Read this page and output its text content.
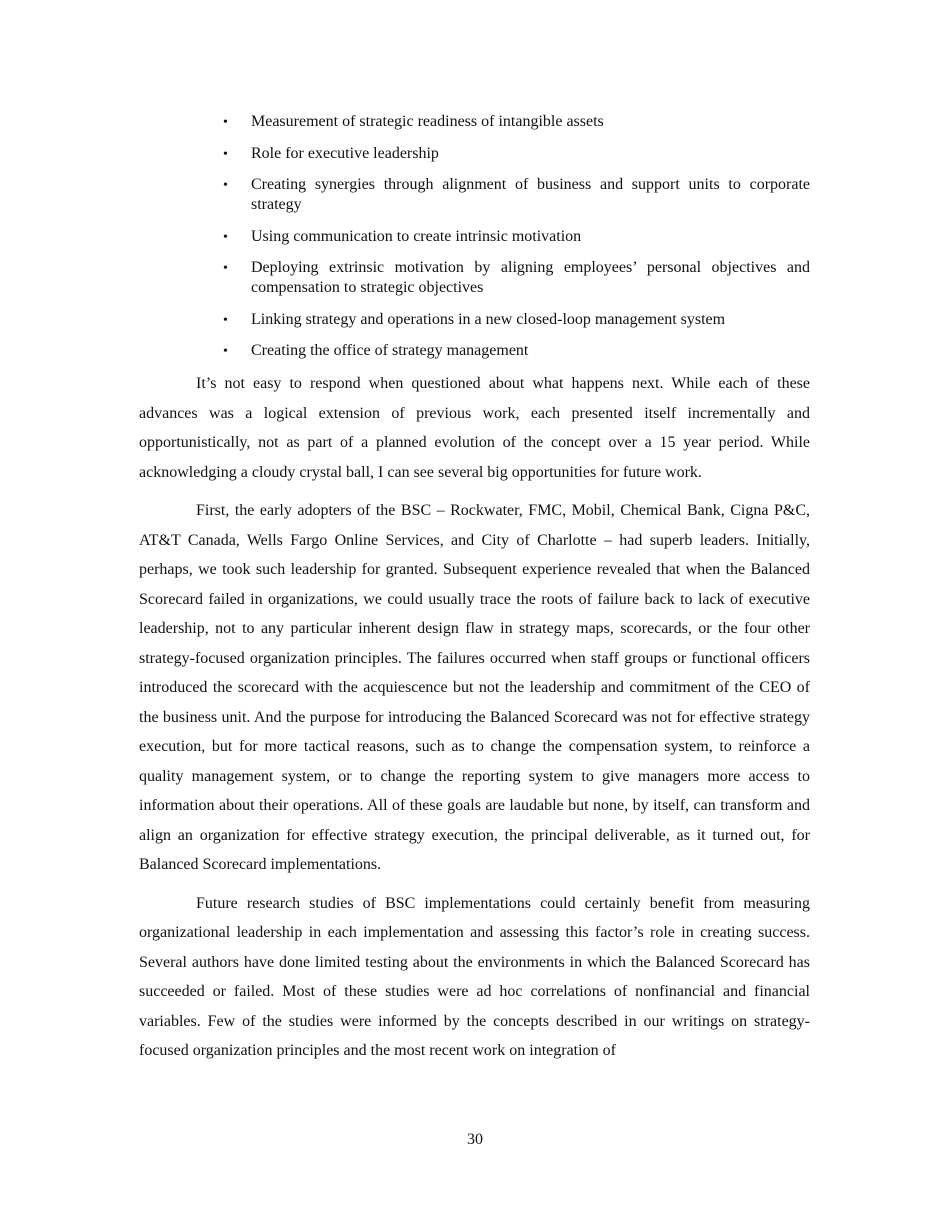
•	Measurement of strategic readiness of intangible assets
•	Role for executive leadership
•	Creating synergies through alignment of business and support units to corporate strategy
•	Using communication to create intrinsic motivation
•	Deploying extrinsic motivation by aligning employees’ personal objectives and compensation to strategic objectives
•	Linking strategy and operations in a new closed-loop management system
•	Creating the office of strategy management

It’s not easy to respond when questioned about what happens next. While each of these advances was a logical extension of previous work, each presented itself incrementally and opportunistically, not as part of a planned evolution of the concept over a 15 year period. While acknowledging a cloudy crystal ball, I can see several big opportunities for future work.

First, the early adopters of the BSC – Rockwater, FMC, Mobil, Chemical Bank, Cigna P&C, AT&T Canada, Wells Fargo Online Services, and City of Charlotte – had superb leaders. Initially, perhaps, we took such leadership for granted. Subsequent experience revealed that when the Balanced Scorecard failed in organizations, we could usually trace the roots of failure back to lack of executive leadership, not to any particular inherent design flaw in strategy maps, scorecards, or the four other strategy-focused organization principles. The failures occurred when staff groups or functional officers introduced the scorecard with the acquiescence but not the leadership and commitment of the CEO of the business unit. And the purpose for introducing the Balanced Scorecard was not for effective strategy execution, but for more tactical reasons, such as to change the compensation system, to reinforce a quality management system, or to change the reporting system to give managers more access to information about their operations. All of these goals are laudable but none, by itself, can transform and align an organization for effective strategy execution, the principal deliverable, as it turned out, for Balanced Scorecard implementations.

Future research studies of BSC implementations could certainly benefit from measuring organizational leadership in each implementation and assessing this factor’s role in creating success. Several authors have done limited testing about the environments in which the Balanced Scorecard has succeeded or failed. Most of these studies were ad hoc correlations of nonfinancial and financial variables. Few of the studies were informed by the concepts described in our writings on strategy-focused organization principles and the most recent work on integration of

30
